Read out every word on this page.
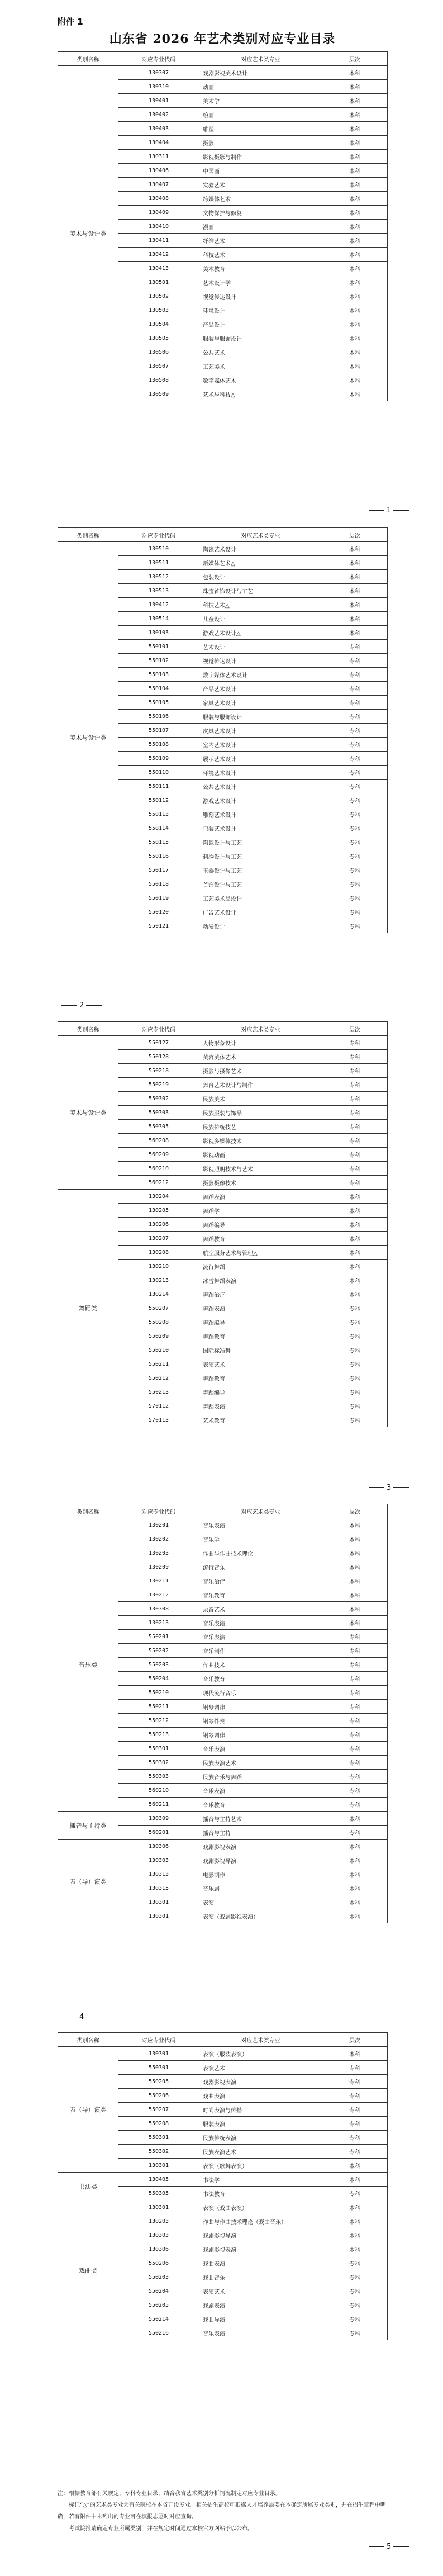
附件 1
山东省 2026 年艺术类别对应专业目录
类别名称	对应专业代码	对应艺术类专业	层次
美术与设计类	130307	戏剧影视美术设计	本科
	130310	动画	本科
	130401	美术学	本科
	130402	绘画	本科
	130403	雕塑	本科
	130404	摄影	本科
	130311	影视摄影与制作	本科
	130406	中国画	本科
	130407	实验艺术	本科
	130408	跨媒体艺术	本科
	130409	文物保护与修复	本科
	130410	漫画	本科
	130411	纤维艺术	本科
	130412	科技艺术	本科
	130413	美术教育	本科
	130501	艺术设计学	本科
	130502	视觉传达设计	本科
	130503	环境设计	本科
	130504	产品设计	本科
	130505	服装与服饰设计	本科
	130506	公共艺术	本科
	130507	工艺美术	本科
	130508	数字媒体艺术	本科
	130509	艺术与科技△	本科
类别名称	对应专业代码	对应艺术类专业	层次
美术与设计类	130510	陶瓷艺术设计	本科
	130511	新媒体艺术△	本科
	130512	包装设计	本科
	130513	珠宝首饰设计与工艺	本科
	130412	科技艺术△	本科
	130514	儿童设计	本科
	130103	游戏艺术设计△	本科
	550101	艺术设计	专科
	550102	视觉传达设计	专科
	550103	数字媒体艺术设计	专科
	550104	产品艺术设计	专科
	550105	家具艺术设计	专科
	550106	服装与服饰设计	专科
	550107	皮具艺术设计	专科
	550108	室内艺术设计	专科
	550109	展示艺术设计	专科
	550110	环境艺术设计	专科
	550111	公共艺术设计	专科
	550112	游戏艺术设计	专科
	550113	雕刻艺术设计	专科
	550114	包装艺术设计	专科
	550115	陶瓷设计与工艺	专科
	550116	刺绣设计与工艺	专科
	550117	玉器设计与工艺	专科
	550118	首饰设计与工艺	专科
	550119	工艺美术品设计	专科
	550120	广告艺术设计	专科
	550121	动漫设计	专科
类别名称	对应专业代码	对应艺术类专业	层次
美术与设计类	550127	人物形象设计	专科
	550128	美容美体艺术	专科
	550218	摄影与摄像艺术	专科
	550219	舞台艺术设计与制作	专科
	550302	民族美术	专科
	550303	民族服装与饰品	专科
	550305	民族传统技艺	专科
	560208	影视多媒体技术	专科
	560209	影视动画	专科
	560210	影视照明技术与艺术	专科
	560212	摄影摄像技术	专科
舞蹈类	130204	舞蹈表演	本科
	130205	舞蹈学	本科
	130206	舞蹈编导	本科
	130207	舞蹈教育	本科
	130208	航空服务艺术与管理△	本科
	130210	流行舞蹈	本科
	130213	冰雪舞蹈表演	本科
	130214	舞蹈治疗	本科
	550207	舞蹈表演	专科
	550208	舞蹈编导	专科
	550209	舞蹈教育	专科
	550210	国际标准舞	专科
	550211	表演艺术	专科
	550212	舞蹈教育	专科
	550213	舞蹈编导	专科
	570112	舞蹈表演	专科
	570113	艺术教育	专科
类别名称	对应专业代码	对应艺术类专业	层次
音乐类	130201	音乐表演	本科
	130202	音乐学	本科
	130203	作曲与作曲技术理论	本科
	130209	流行音乐	本科
	130211	音乐治疗	本科
	130212	音乐教育	本科
	130308	录音艺术	本科
	130213	音乐表演	本科
	550201	音乐表演	专科
	550202	音乐制作	专科
	550203	作曲技术	专科
	550204	音乐教育	专科
	550210	现代流行音乐	专科
	550211	钢琴调律	专科
	550212	钢琴伴奏	专科
	550213	钢琴调律	专科
	550301	音乐表演	专科
	550302	民族表演艺术	专科
	550303	民族音乐与舞蹈	专科
	560210	音乐表演	专科
	560211	音乐教育	专科
播音与主持类	130309	播音与主持艺术	本科
	560201	播音与主持	专科
表（导）演类	130306	戏剧影视表演	本科
	130303	戏剧影视导演	本科
	130313	电影制作	本科
	130315	音乐剧	本科
	130301	表演	本科
	130301	表演（戏剧影视表演）	本科
类别名称	对应专业代码	对应艺术类专业	层次
表（导）演类	130301	表演（服装表演）	本科
	550301	表演艺术	专科
	550205	戏剧影视表演	专科
	550206	戏曲表演	专科
	550207	时尚表演与传播	专科
	550208	服装表演	专科
	550301	民族传统表演	专科
	550302	民族表演艺术	专科
	130301	表演（歌舞表演）	本科
书法类	130405	书法学	本科
	550305	书法教育	专科
戏曲类	130301	表演（戏曲表演）	本科
	130203	作曲与作曲技术理论（戏曲音乐）	本科
	130303	戏剧影视导演	本科
	130306	戏剧影视表演	本科
	550206	戏曲表演	专科
	550203	戏曲音乐	专科
	550204	表演艺术	专科
	550205	戏剧表演	专科
	550214	戏曲导演	专科
	550216	音乐表演	专科
1
2
3
4
5

注：根据教育部有关规定，专科专业目录，结合我省艺术类别分析情况制定对应专业目录。

标记“△”的艺术类专业为有关院校在本省开设专业。相关招生高校可根据人才培养需要在本确定所属专业类别，并在招生章程中明确，若有附件中未列出的专业可在填报志愿时对应查询。

考试院报请确定专业所属类别，并在规定时间通过本校官方网站予以公布。
